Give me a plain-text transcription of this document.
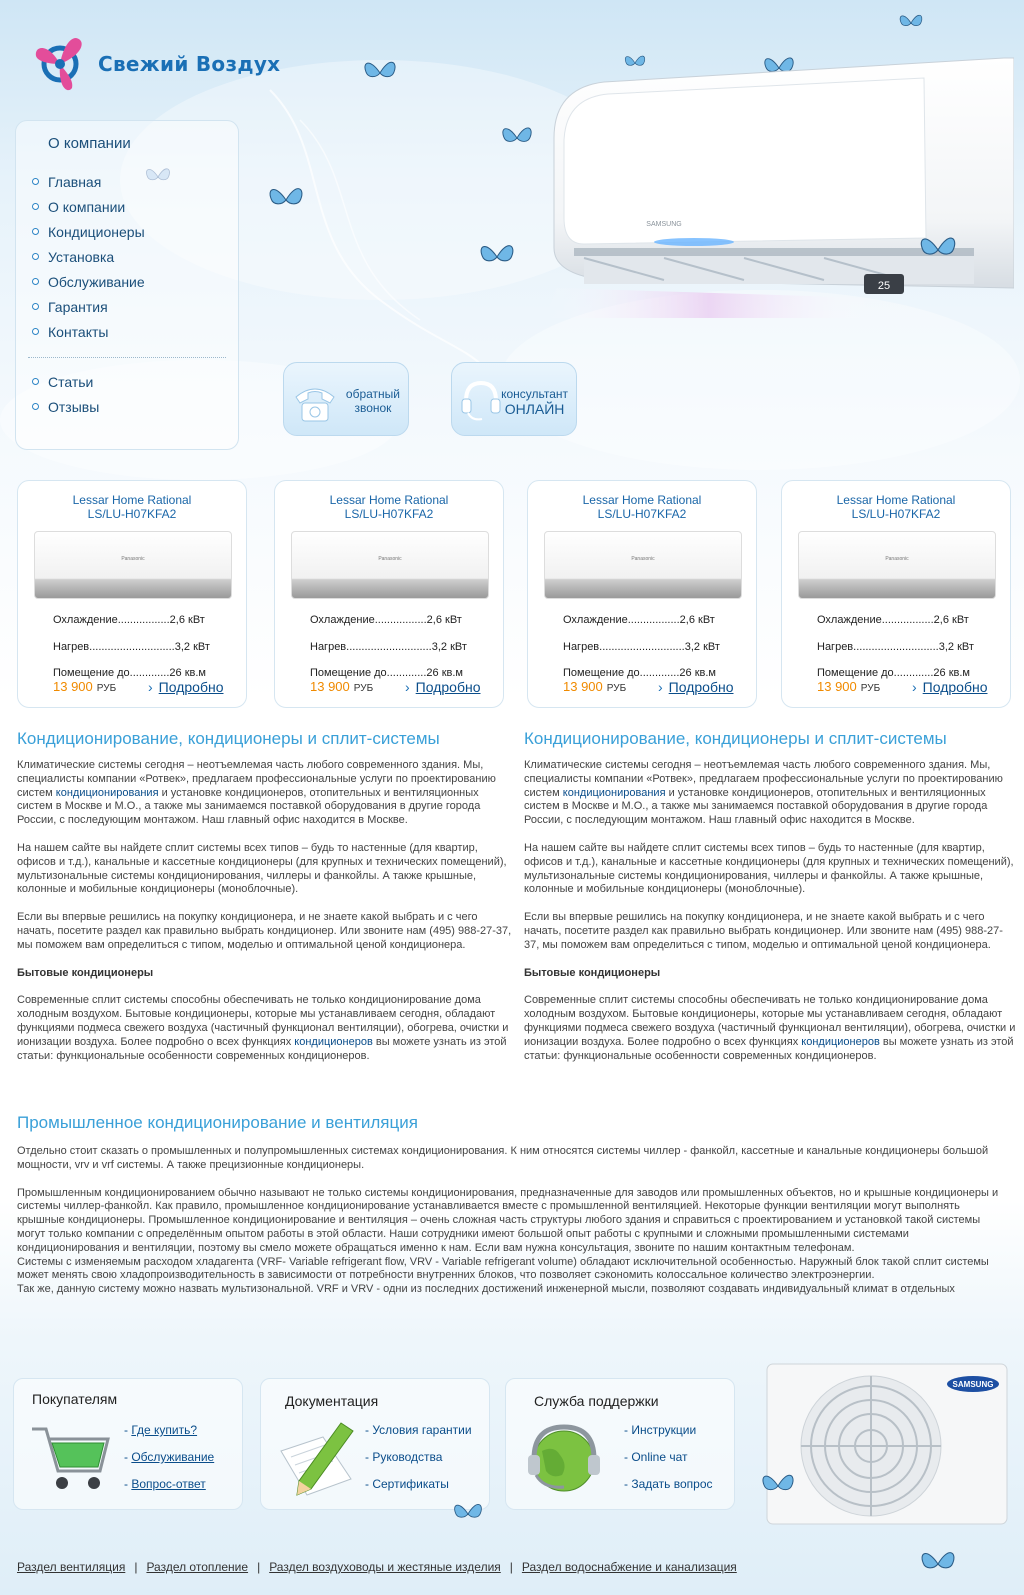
Свежий Воздух
25
SAMSUNG
О компании
Главная
О компании
Кондиционеры
Установка
Обслуживание
Гарантия
Контакты
Статьи
Отзывы
обратный
звонок
консультант
ОНЛАЙН
Lessar Home Rational
LS/LU-H07KFA2
Panasonic
Охлаждение.................2,6 кВт
Нагрев............................3,2 кВт
Помещение до.............26 кв.м
13 900 РУБ	› Подробно
Lessar Home Rational
LS/LU-H07KFA2
Panasonic
Охлаждение.................2,6 кВт
Нагрев............................3,2 кВт
Помещение до.............26 кв.м
13 900 РУБ	› Подробно
Lessar Home Rational
LS/LU-H07KFA2
Panasonic
Охлаждение.................2,6 кВт
Нагрев............................3,2 кВт
Помещение до.............26 кв.м
13 900 РУБ	› Подробно
Lessar Home Rational
LS/LU-H07KFA2
Panasonic
Охлаждение.................2,6 кВт
Нагрев............................3,2 кВт
Помещение до.............26 кв.м
13 900 РУБ	› Подробно
Кондиционирование, кондиционеры и сплит-системы

Климатические системы сегодня – неотъемлемая часть любого современного здания. Мы, специалисты компании «Ротвек», предлагаем профессиональные услуги по проектированию систем кондиционирования и установке кондиционеров, отопительных и вентиляционных систем в Москве и М.О., а также мы занимаемся поставкой оборудования в другие города России, с последующим монтажом. Наш главный офис находится в Москве.

На нашем сайте вы найдете сплит системы всех типов – будь то настенные (для квартир, офисов и т.д.), канальные и кассетные кондиционеры (для крупных и технических помещений), мультизональные системы кондиционирования, чиллеры и фанкойлы. А также крышные, колонные и мобильные кондиционеры (моноблочные).

Если вы впервые решились на покупку кондиционера, и не знаете какой выбрать и с чего начать, посетите раздел как правильно выбрать кондиционер. Или звоните нам (495) 988-27-37, мы поможем вам определиться с типом, моделью и оптимальной ценой кондиционера.

Бытовые кондиционеры

Современные сплит системы способны обеспечивать не только кондиционирование дома холодным воздухом. Бытовые кондиционеры, которые мы устанавливаем сегодня, обладают функциями подмеса свежего воздуха (частичный функционал вентиляции), обогрева, очистки и ионизации воздуха. Более подробно о всех функциях кондиционеров вы можете узнать из этой статьи: функциональные особенности современных кондиционеров.

Кондиционирование, кондиционеры и сплит-системы

Климатические системы сегодня – неотъемлемая часть любого современного здания. Мы, специалисты компании «Ротвек», предлагаем профессиональные услуги по проектированию систем кондиционирования и установке кондиционеров, отопительных и вентиляционных систем в Москве и М.О., а также мы занимаемся поставкой оборудования в другие города России, с последующим монтажом. Наш главный офис находится в Москве.

На нашем сайте вы найдете сплит системы всех типов – будь то настенные (для квартир, офисов и т.д.), канальные и кассетные кондиционеры (для крупных и технических помещений), мультизональные системы кондиционирования, чиллеры и фанкойлы. А также крышные, колонные и мобильные кондиционеры (моноблочные).

Если вы впервые решились на покупку кондиционера, и не знаете какой выбрать и с чего начать, посетите раздел как правильно выбрать кондиционер. Или звоните нам (495) 988-27-37, мы поможем вам определиться с типом, моделью и оптимальной ценой кондиционера.

Бытовые кондиционеры

Современные сплит системы способны обеспечивать не только кондиционирование дома холодным воздухом. Бытовые кондиционеры, которые мы устанавливаем сегодня, обладают функциями подмеса свежего воздуха (частичный функционал вентиляции), обогрева, очистки и ионизации воздуха. Более подробно о всех функциях кондиционеров вы можете узнать из этой статьи: функциональные особенности современных кондиционеров.

Промышленное кондиционирование и вентиляция

Отдельно стоит сказать о промышленных и полупромышленных системах кондиционирования. К ним относятся системы чиллер - фанкойл, кассетные и канальные кондиционеры большой мощности, vrv и vrf системы. А также прецизионные кондиционеры.

Промышленным кондиционированием обычно называют не только системы кондиционирования, предназначенные для заводов или промышленных объектов, но и крышные кондиционеры и системы чиллер-фанкойл. Как правило, промышленное кондиционирование устанавливается вместе с промышленной вентиляцией. Некоторые функции вентиляции могут выполнять крышные кондиционеры. Промышленное кондиционирование и вентиляция – очень сложная часть структуры любого здания и справиться с проектированием и установкой такой системы могут только компании с определённым опытом работы в этой области. Наши сотрудники имеют большой опыт работы с крупными и сложными промышленными системами кондиционирования и вентиляции, поэтому вы смело можете обращаться именно к нам. Если вам нужна консультация, звоните по нашим контактным телефонам.

Системы с изменяемым расходом хладагента (VRF- Variable refrigerant flow, VRV - Variable refrigerant volume) обладают исключительной особенностью. Наружный блок такой сплит системы может менять свою хладопроизводительность в зависимости от потребности внутренних блоков, что позволяет сэкономить колоссальное количество электроэнергии.

Так же, данную систему можно назвать мультизональной. VRF и VRV - одни из последних достижений инженерной мысли, позволяют создавать индивидуальный климат в отдельных

Покупателям
- Где купить?
- Обслуживание
- Вопрос-ответ
Документация
- Условия гарантии
- Руководства
- Сертификаты
Служба поддержки
- Инструкции
- Online чат
- Задать вопрос
SAMSUNG
Раздел вентиляция | Раздел отопление | Раздел воздуховоды и жестяные изделия | Раздел водоснабжение и канализация
